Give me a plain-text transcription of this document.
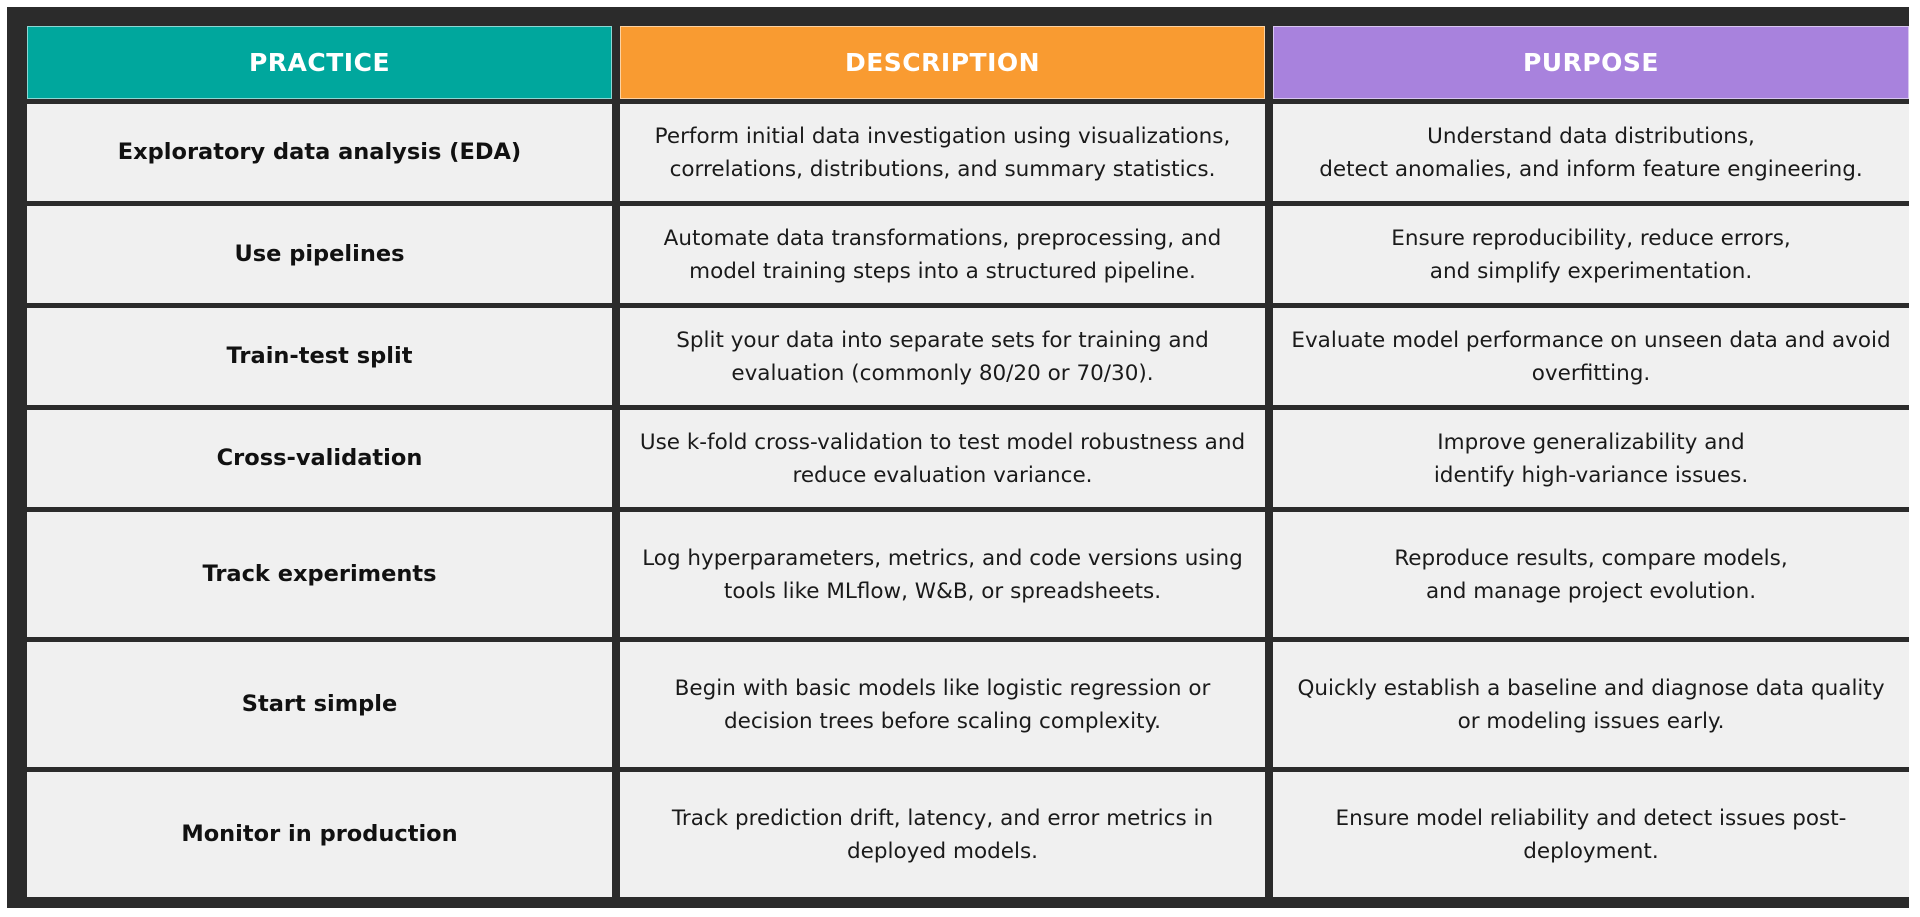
PRACTICE	DESCRIPTION	PURPOSE
Exploratory data analysis (EDA)
Perform initial data investigation using visualizations,
correlations, distributions, and summary statistics.
Understand data distributions,
detect anomalies, and inform feature engineering.
Use pipelines
Automate data transformations, preprocessing, and
model training steps into a structured pipeline.
Ensure reproducibility, reduce errors,
and simplify experimentation.
Train-test split
Split your data into separate sets for training and
evaluation (commonly 80/20 or 70/30).
Evaluate model performance on unseen data and avoid
overfitting.
Cross-validation
Use k-fold cross-validation to test model robustness and
reduce evaluation variance.
Improve generalizability and
identify high-variance issues.
Track experiments
Log hyperparameters, metrics, and code versions using
tools like MLflow, W&B, or spreadsheets.
Reproduce results, compare models,
and manage project evolution.
Start simple
Begin with basic models like logistic regression or
decision trees before scaling complexity.
Quickly establish a baseline and diagnose data quality
or modeling issues early.
Monitor in production
Track prediction drift, latency, and error metrics in
deployed models.
Ensure model reliability and detect issues post-
deployment.
